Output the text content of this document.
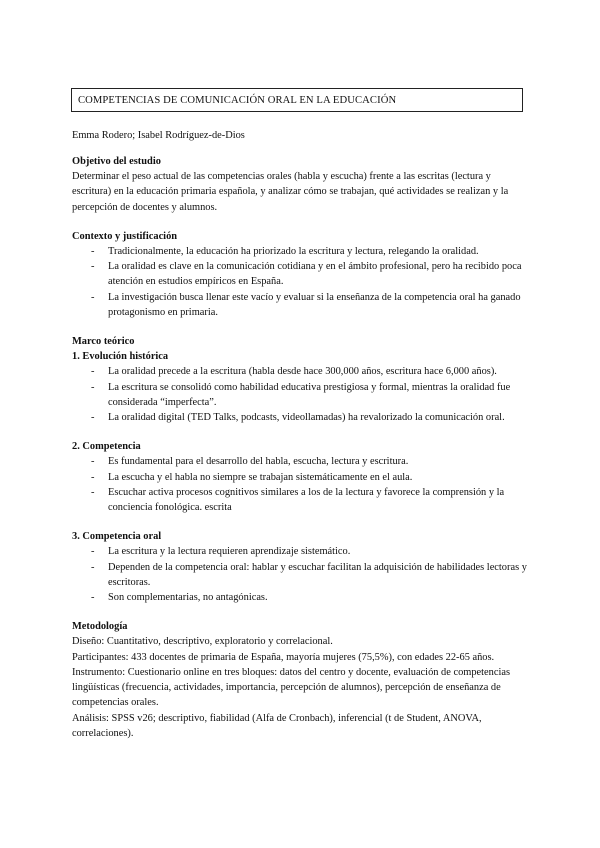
COMPETENCIAS DE COMUNICACIÓN ORAL EN LA EDUCACIÓN
Emma Rodero; Isabel Rodríguez-de-Dios

Objetivo del estudio

Determinar el peso actual de las competencias orales (habla y escucha) frente a las escritas (lectura y escritura) en la educación primaria española, y analizar cómo se trabajan, qué actividades se realizan y la percepción de docentes y alumnos.

Contexto y justificación

- Tradicionalmente, la educación ha priorizado la escritura y lectura, relegando la oralidad.
- La oralidad es clave en la comunicación cotidiana y en el ámbito profesional, pero ha recibido poca atención en estudios empíricos en España.
- La investigación busca llenar este vacío y evaluar si la enseñanza de la competencia oral ha ganado protagonismo en primaria.

Marco teórico

1. Evolución histórica

- La oralidad precede a la escritura (habla desde hace 300,000 años, escritura hace 6,000 años).
- La escritura se consolidó como habilidad educativa prestigiosa y formal, mientras la oralidad fue considerada “imperfecta”.
- La oralidad digital (TED Talks, podcasts, videollamadas) ha revalorizado la comunicación oral.

2. Competencia

- Es fundamental para el desarrollo del habla, escucha, lectura y escritura.
- La escucha y el habla no siempre se trabajan sistemáticamente en el aula.
- Escuchar activa procesos cognitivos similares a los de la lectura y favorece la comprensión y la conciencia fonológica. escrita

3. Competencia oral

- La escritura y la lectura requieren aprendizaje sistemático.
- Dependen de la competencia oral: hablar y escuchar facilitan la adquisición de habilidades lectoras y escritoras.
- Son complementarias, no antagónicas.

Metodología

Diseño: Cuantitativo, descriptivo, exploratorio y correlacional.

Participantes: 433 docentes de primaria de España, mayoría mujeres (75,5%), con edades 22-65 años.

Instrumento: Cuestionario online en tres bloques: datos del centro y docente, evaluación de competencias lingüísticas (frecuencia, actividades, importancia, percepción de alumnos), percepción de enseñanza de competencias orales.

Análisis: SPSS v26; descriptivo, fiabilidad (Alfa de Cronbach), inferencial (t de Student, ANOVA, correlaciones).
